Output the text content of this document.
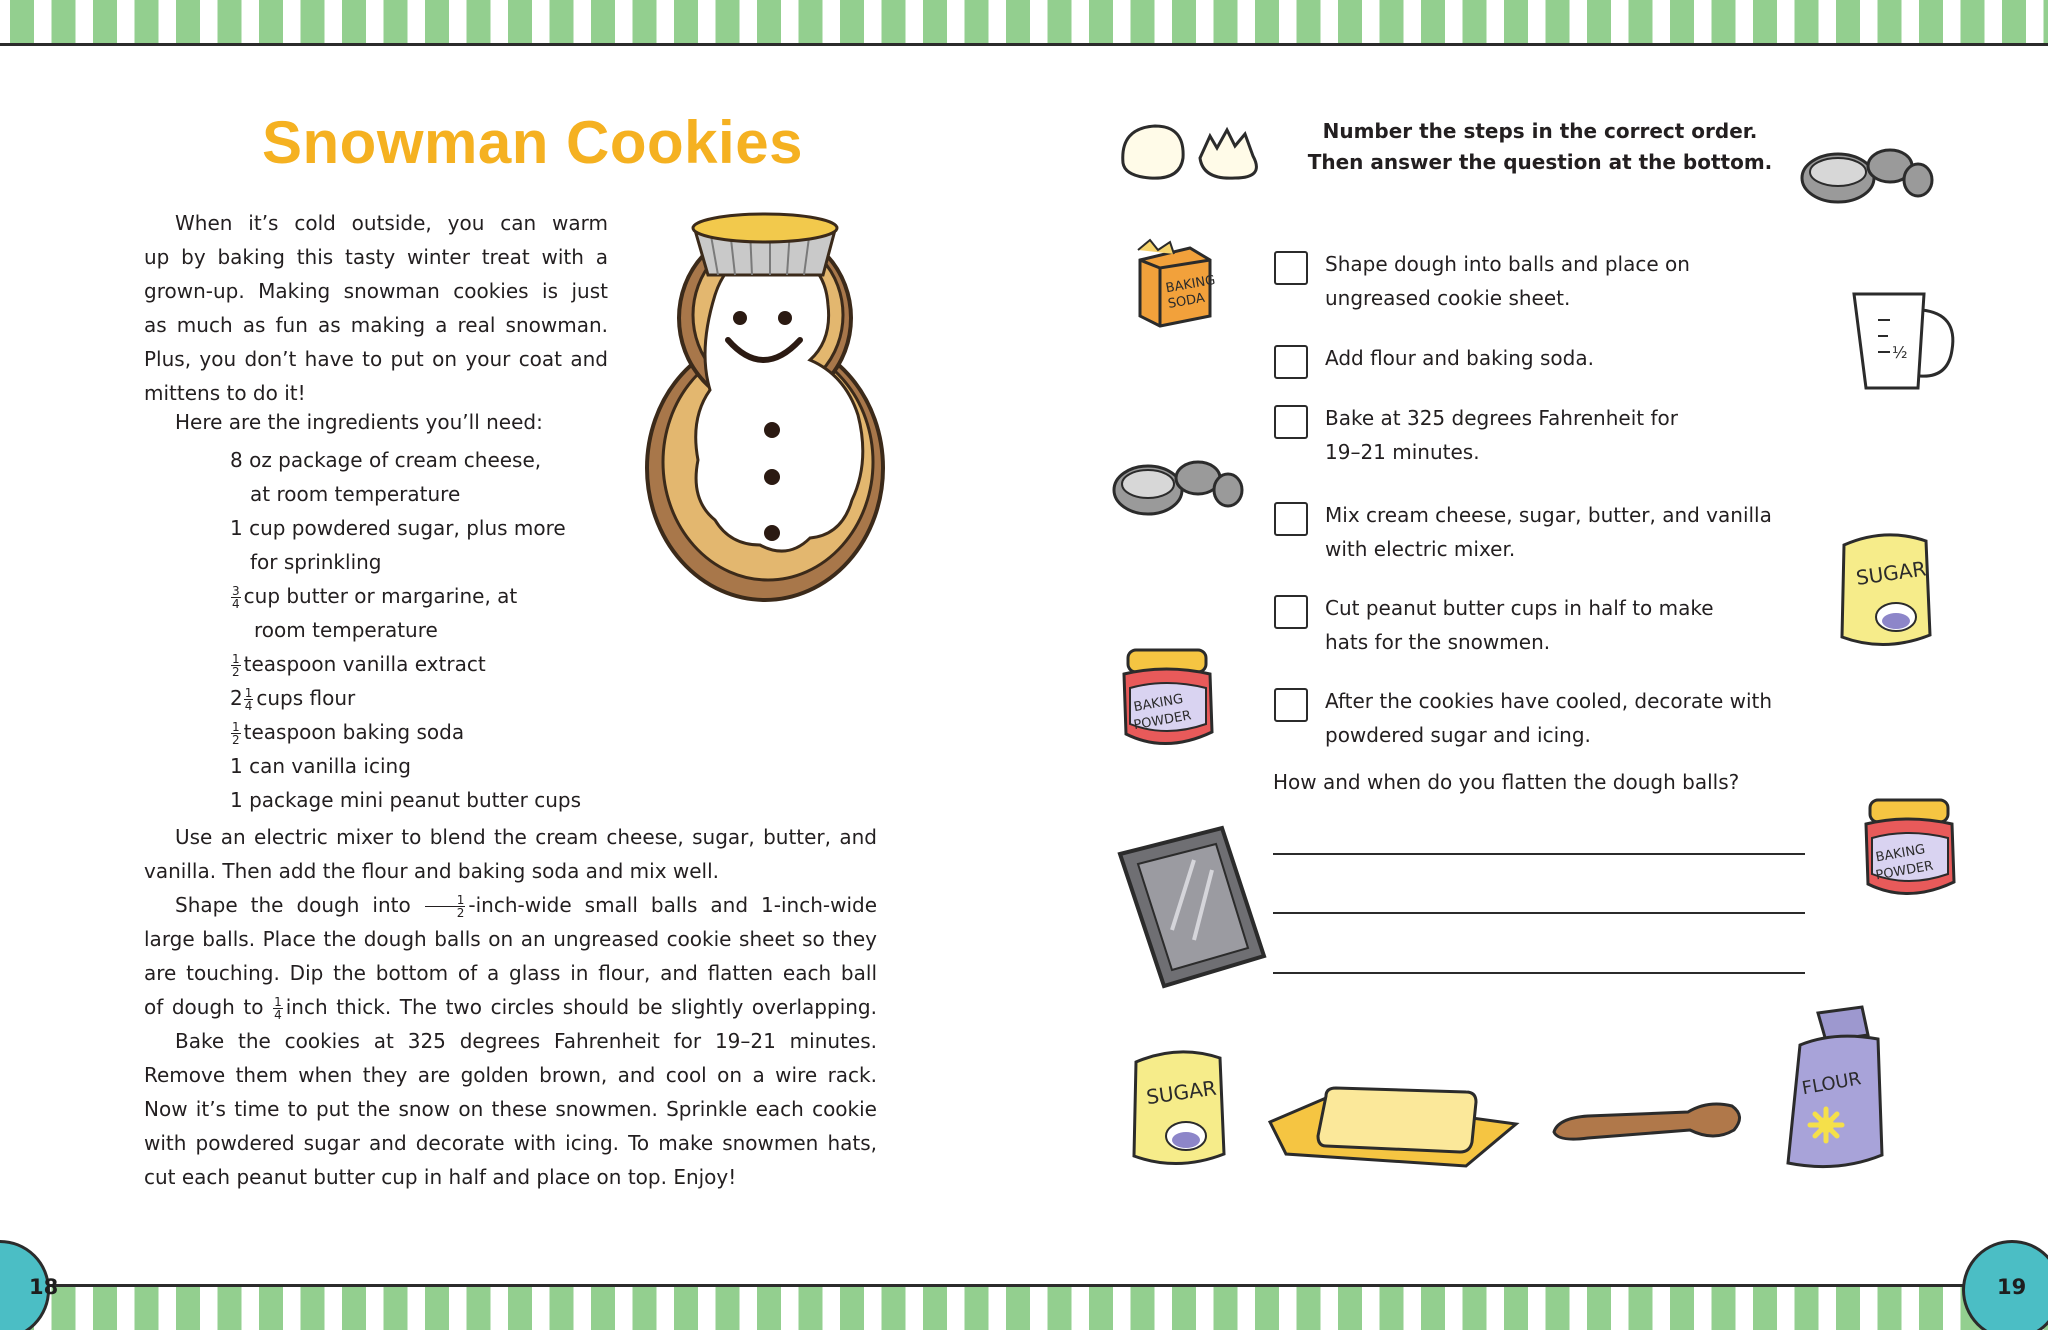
18	19
Snowman Cookies
When it’s cold outside, you can warm
up by baking this tasty winter treat with a
grown-up. Making snowman cookies is just
as much as fun as making a real snowman.
Plus, you don’t have to put on your coat and
mittens to do it!
Here are the ingredients you’ll need:
8 oz package of cream cheese,
at room temperature
1 cup powdered sugar, plus more
for sprinkling
$\frac{3}{4}$ cup butter or margarine, at
room temperature
$\frac{1}{2}$ teaspoon vanilla extract
$2 \frac{1}{4}$ cups flour
$\frac{1}{2}$ teaspoon baking soda
1 can vanilla icing
1 package mini peanut butter cups
Use an electric mixer to blend the cream cheese, sugar, butter, and
vanilla. Then add the flour and baking soda and mix well.
Shape the dough into $\frac{1}{2}$ -inch-wide small balls and 1-inch-wide
large balls. Place the dough balls on an ungreased cookie sheet so they
are touching. Dip the bottom of a glass in flour, and flatten each ball
of dough to $\frac{1}{4}$ inch thick. The two circles should be slightly overlapping.
Bake the cookies at 325 degrees Fahrenheit for 19–21 minutes.
Remove them when they are golden brown, and cool on a wire rack.
Now it’s time to put the snow on these snowmen. Sprinkle each cookie
with powdered sugar and decorate with icing. To make snowmen hats,
cut each peanut butter cup in half and place on top. Enjoy!
Number the steps in the correct order.
Then answer the question at the bottom.
Shape dough into balls and place on
ungreased cookie sheet.
Add flour and baking soda.
Bake at 325 degrees Fahrenheit for
19–21 minutes.
Mix cream cheese, sugar, butter, and vanilla
with electric mixer.
Cut peanut butter cups in half to make
hats for the snowmen.
After the cookies have cooled, decorate with
powdered sugar and icing.
How and when do you flatten the dough balls?
BAKING
SODA
½
SUGAR
BAKING
POWDER
BAKING
POWDER
SUGAR	FLOUR
